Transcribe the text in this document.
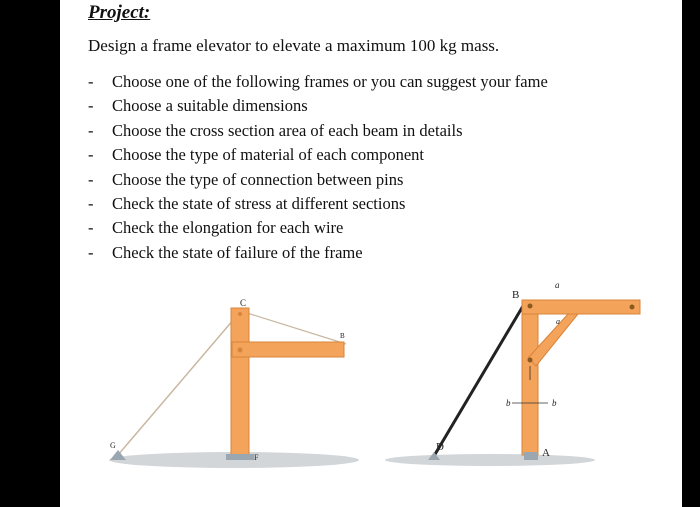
Project:
Design a frame elevator to elevate a maximum 100 kg mass.
- Choose one of the following frames or you can suggest your fame
- Choose a suitable dimensions
- Choose the cross section area of each beam in details
- Choose the type of material of each component
- Choose the type of connection between pins
- Check the state of stress at different sections
- Check the elongation for each wire
- Check the state of failure of the frame
C
B
G
F
B
a
a
D
b	b
A
